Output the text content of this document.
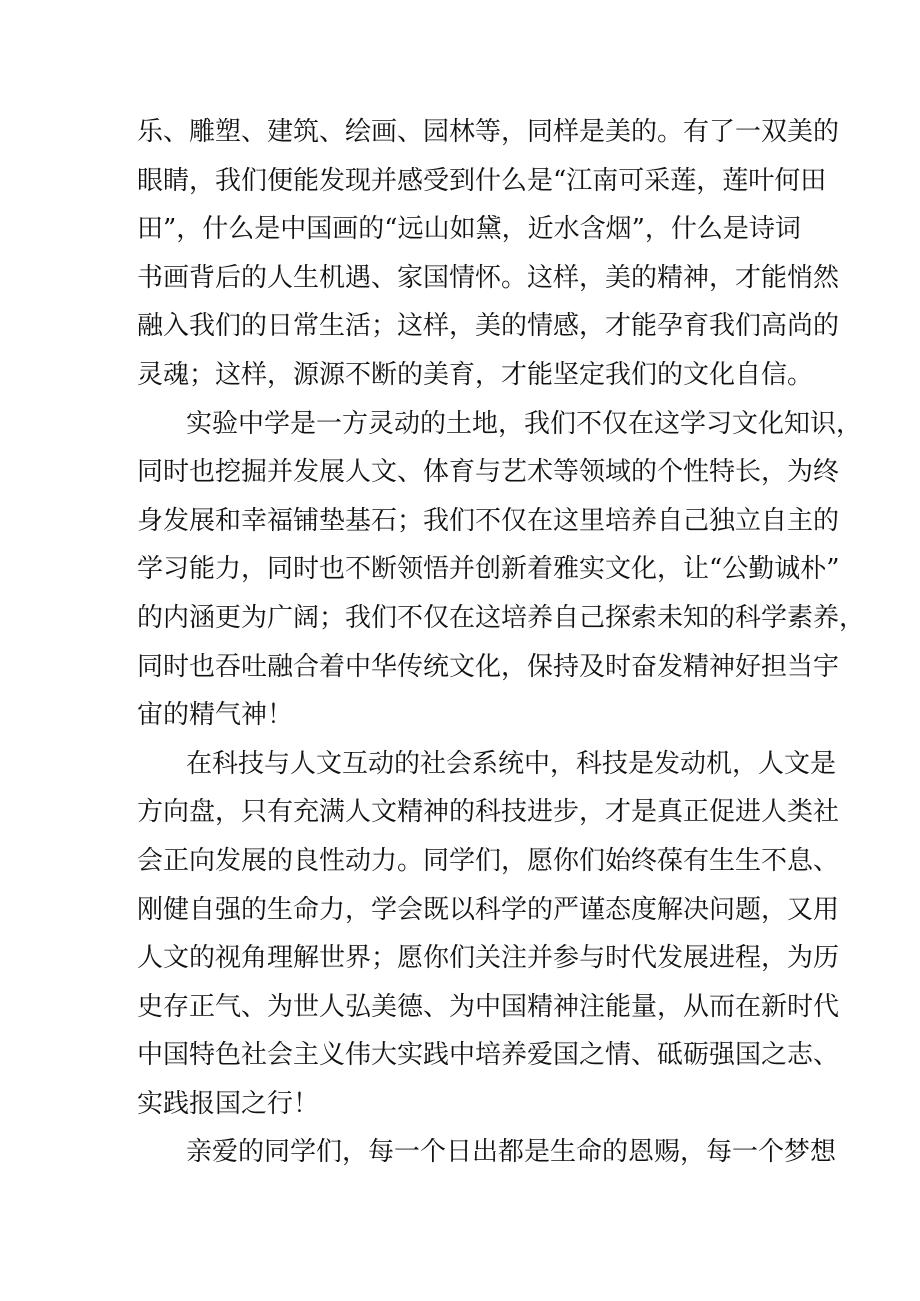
乐、雕塑、建筑、绘画、园林等，同样是美的。有了一双美的
眼睛，我们便能发现并感受到什么是“江南可采莲，莲叶何田
田”，什么是中国画的“远山如黛，近水含烟”，什么是诗词
书画背后的人生机遇、家国情怀。这样，美的精神，才能悄然
融入我们的日常生活；这样，美的情感，才能孕育我们高尚的
灵魂；这样，源源不断的美育，才能坚定我们的文化自信。
实验中学是一方灵动的土地，我们不仅在这学习文化知识，
同时也挖掘并发展人文、体育与艺术等领域的个性特长，为终
身发展和幸福铺垫基石；我们不仅在这里培养自己独立自主的
学习能力，同时也不断领悟并创新着雅实文化，让“公勤诚朴”
的内涵更为广阔；我们不仅在这培养自己探索未知的科学素养，
同时也吞吐融合着中华传统文化，保持及时奋发精神好担当宇
宙的精气神！
在科技与人文互动的社会系统中，科技是发动机，人文是
方向盘，只有充满人文精神的科技进步，才是真正促进人类社
会正向发展的良性动力。同学们，愿你们始终葆有生生不息、
刚健自强的生命力，学会既以科学的严谨态度解决问题，又用
人文的视角理解世界；愿你们关注并参与时代发展进程，为历
史存正气、为世人弘美德、为中国精神注能量，从而在新时代
中国特色社会主义伟大实践中培养爱国之情、砥砺强国之志、
实践报国之行！
亲爱的同学们，每一个日出都是生命的恩赐，每一个梦想
